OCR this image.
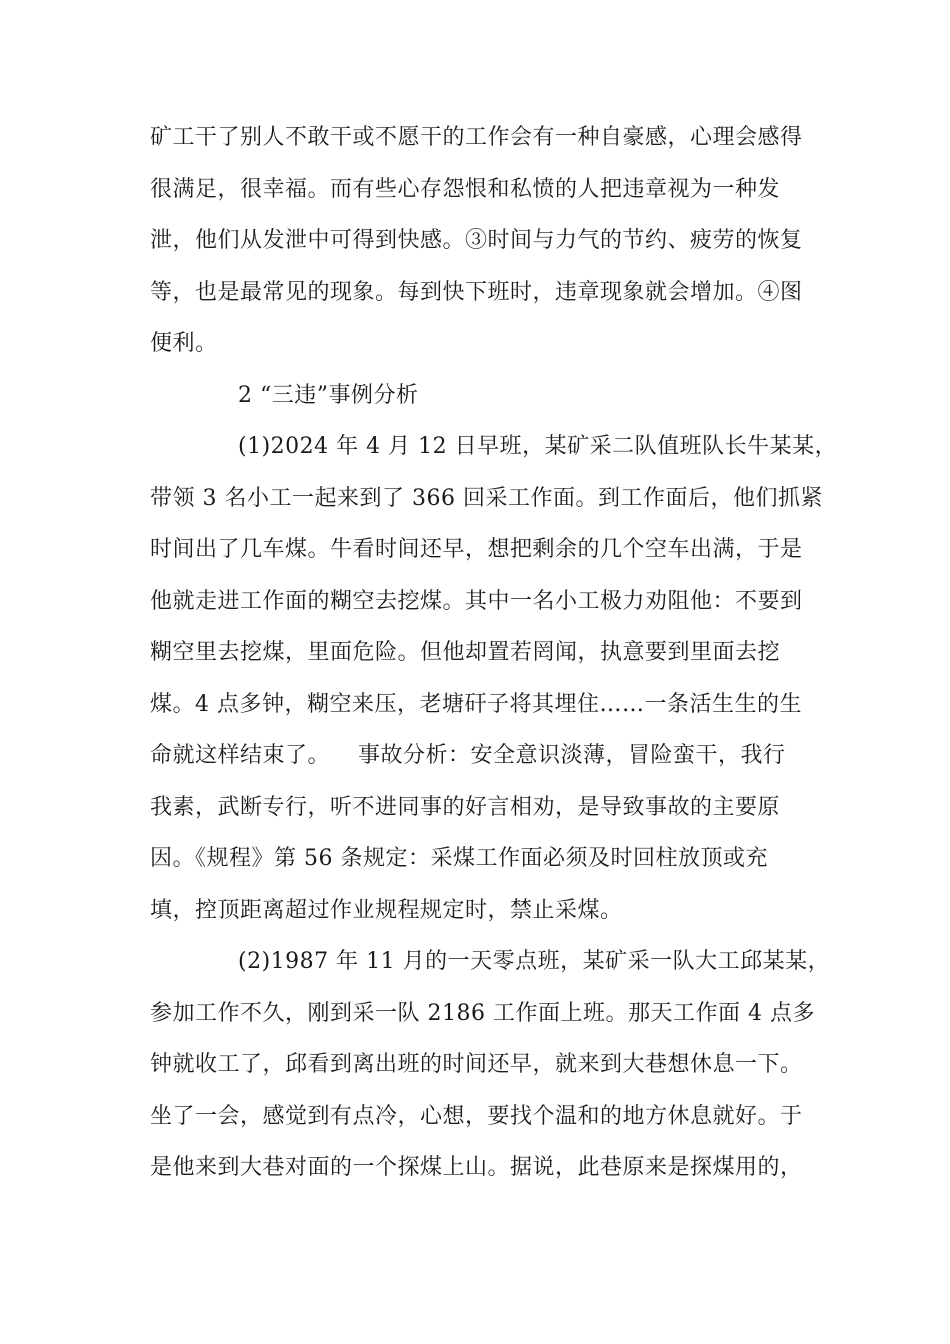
矿工干了别人不敢干或不愿干的工作会有一种自豪感，心理会感得
很满足，很幸福。而有些心存怨恨和私愤的人把违章视为一种发
泄，他们从发泄中可得到快感。③时间与力气的节约、疲劳的恢复
等，也是最常见的现象。每到快下班时，违章现象就会增加。④图
便利。
2 “三违”事例分析
(1)2024 年 4 月 12 日早班，某矿采二队值班队长牛某某，
带领 3 名小工一起来到了 366 回采工作面。到工作面后，他们抓紧
时间出了几车煤。牛看时间还早，想把剩余的几个空车出满，于是
他就走进工作面的糊空去挖煤。其中一名小工极力劝阻他：不要到
糊空里去挖煤，里面危险。但他却置若罔闻，执意要到里面去挖
煤。4 点多钟，糊空来压，老塘矸子将其埋住……一条活生生的生
命就这样结束了。 事故分析：安全意识淡薄，冒险蛮干，我行
我素，武断专行，听不进同事的好言相劝，是导致事故的主要原
因。《规程》第 56 条规定：采煤工作面必须及时回柱放顶或充
填，控顶距离超过作业规程规定时，禁止采煤。
(2)1987 年 11 月的一天零点班，某矿采一队大工邱某某，
参加工作不久，刚到采一队 2186 工作面上班。那天工作面 4 点多
钟就收工了，邱看到离出班的时间还早，就来到大巷想休息一下。
坐了一会，感觉到有点冷，心想，要找个温和的地方休息就好。于
是他来到大巷对面的一个探煤上山。据说，此巷原来是探煤用的，
